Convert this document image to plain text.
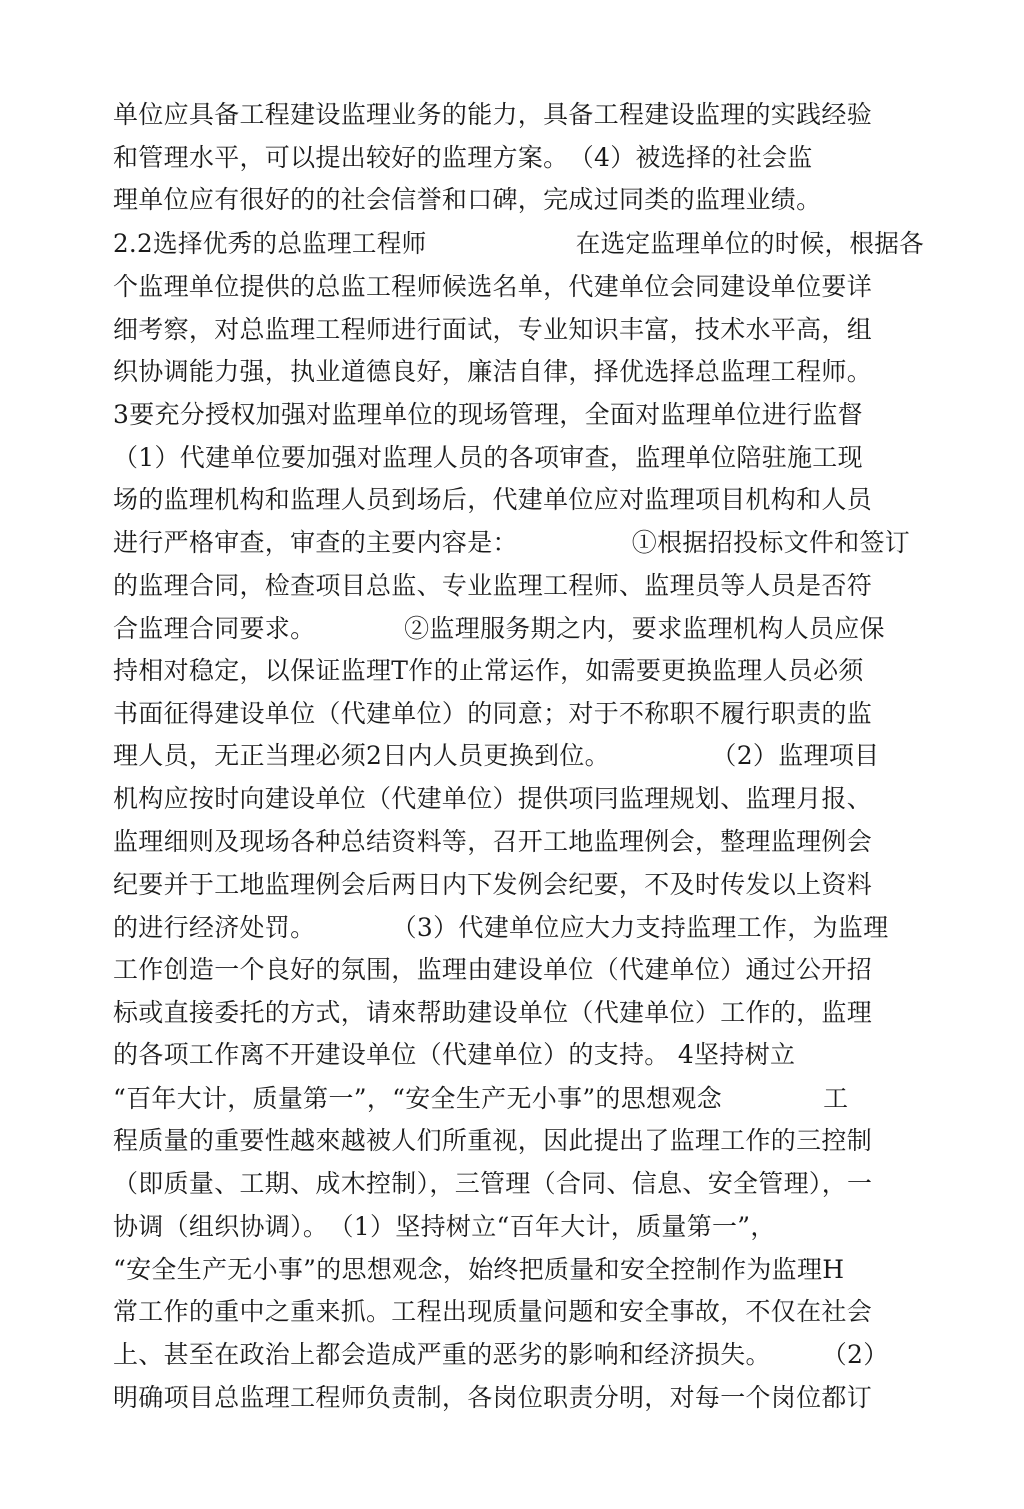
单位应具备工程建设监理业务的能力，具备工程建设监理的实践经验
和管理水平，可以提出较好的监理方案。　（4）被选择的社会监
理单位应有很好的的社会信誉和口碑，完成过同类的监理业绩。
2.2选择优秀的总监理工程师　　　　　　在选定监理单位的时候，根据各
个监理单位提供的总监工程师候选名单，代建单位会同建设单位要详
细考察，对总监理工程师进行面试，专业知识丰富，技术水平高，组
织协调能力强，执业道德良好，廉洁自律，择优选择总监理工程师。
3要充分授权加强对监理单位的现场管理，全面对监理单位进行监督
（1）代建单位要加强对监理人员的各项审查，监理单位陪驻施工现
场的监理机构和监理人员到场后，代建单位应对监理项目机构和人员
进行严格审查，审查的主要内容是：　　　　　①根据招投标文件和签订
的监理合同，检查项目总监、专业监理工程师、监理员等人员是否符
合监理合同要求。　　　　②监理服务期之内，要求监理机构人员应保
持相对稳定，以保证监理T作的止常运作，如需要更换监理人员必须
书面征得建设单位（代建单位）的同意；对于不称职不履行职责的监
理人员，无正当理必须2日内人员更换到位。　　　　　（2）监理项目
机构应按时向建设单位（代建单位）提供项冃监理规划、监理月报、
监理细则及现场各种总结资料等，召开工地监理例会，整理监理例会
纪要并于工地监理例会后两日内下发例会纪要，不及时传发以上资料
的进行经济处罚。　　　　（3）代建单位应大力支持监理工作，为监理
工作创造一个良好的氛围，监理由建设单位（代建单位）通过公开招
标或直接委托的方式，请來帮助建设单位（代建单位）工作的，监理
的各项工作离不开建设单位（代建单位）的支持。 4坚持树立
“百年大计，质量第一”，“安全生产无小事”的思想观念　　　　工
程质量的重要性越來越被人们所重视，因此提出了监理工作的三控制
（即质量、工期、成木控制），三管理（合同、信息、安全管理），一
协调（组织协调）。　（1）坚持树立“百年大计，质量第一”，
“安全生产无小事”的思想观念，始终把质量和安全控制作为监理H
常工作的重中之重来抓。工程出现质量问题和安全事故，不仅在社会
上、甚至在政治上都会造成严重的恶劣的影响和经济损失。　　　（2）
明确项目总监理工程师负责制，各岗位职责分明，对每一个岗位都订
